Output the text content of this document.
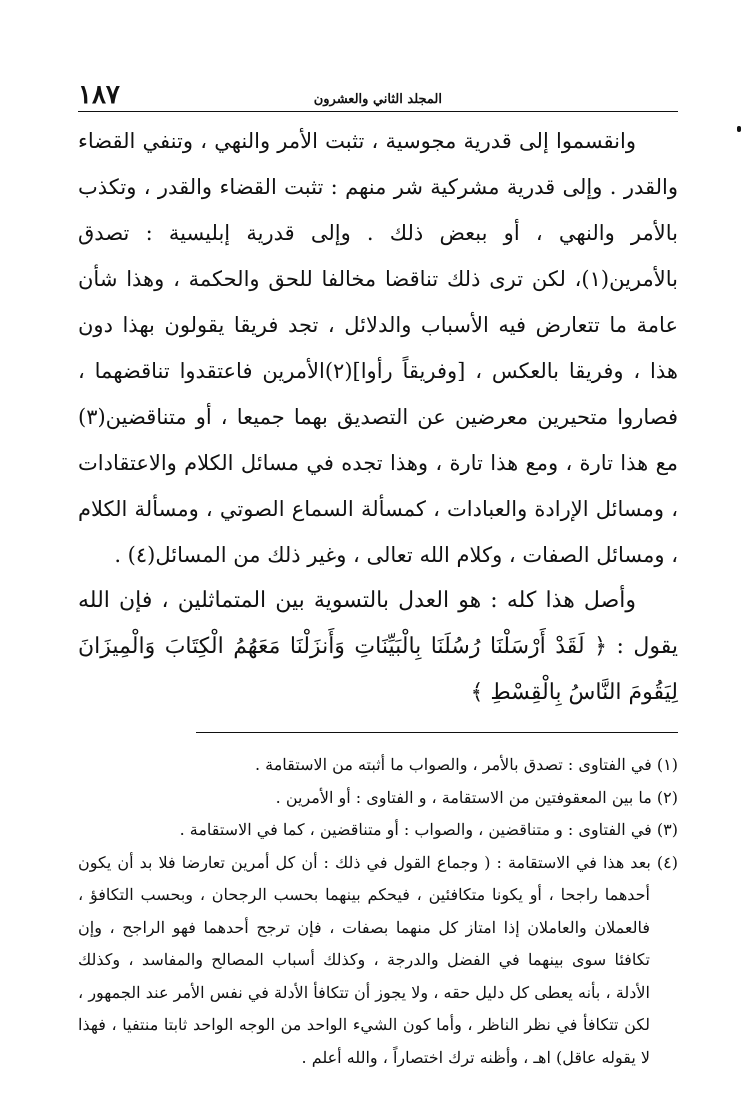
١٨٧	المجلد الثاني والعشرون

وانقسموا إلى قدرية مجوسية ، تثبت الأمر والنهي ، وتنفي القضاء والقدر . وإلى قدرية مشركية شر منهم : تثبت القضاء والقدر ، وتكذب بالأمر والنهي ، أو ببعض ذلك . وإلى قدرية إبليسية : تصدق بالأمرين(١)، لكن ترى ذلك تناقضا مخالفا للحق والحكمة ، وهذا شأن عامة ما تتعارض فيه الأسباب والدلائل ، تجد فريقا يقولون بهذا دون هذا ، وفريقا بالعكس ، [وفريقاً رأوا](٢)الأمرين فاعتقدوا تناقضهما ، فصاروا متحيرين معرضين عن التصديق بهما جميعا ، أو متناقضين(٣) مع هذا تارة ، ومع هذا تارة ، وهذا تجده في مسائل الكلام والاعتقادات ، ومسائل الإرادة والعبادات ، كمسألة السماع الصوتي ، ومسألة الكلام ، ومسائل الصفات ، وكلام الله تعالى ، وغير ذلك من المسائل(٤) .

وأصل هذا كله : هو العدل بالتسوية بين المتماثلين ، فإن الله يقول : ﴿ لَقَدْ أَرْسَلْنَا رُسُلَنَا بِالْبَيِّنَاتِ وَأَنزَلْنَا مَعَهُمُ الْكِتَابَ وَالْمِيزَانَ لِيَقُومَ النَّاسُ بِالْقِسْطِ ﴾

(١) في الفتاوى : تصدق بالأمر ، والصواب ما أثبته من الاستقامة .

(٢) ما بين المعقوفتين من الاستقامة ، و الفتاوى : أو الأمرين .

(٣) في الفتاوى : و متناقضين ، والصواب : أو متناقضين ، كما في الاستقامة .

(٤) بعد هذا في الاستقامة : ( وجماع القول في ذلك : أن كل أمرين تعارضا فلا بد أن يكون أحدهما راجحا ، أو يكونا متكافئين ، فيحكم بينهما بحسب الرجحان ، وبحسب التكافؤ ، فالعملان والعاملان إذا امتاز كل منهما بصفات ، فإن ترجح أحدهما فهو الراجح ، وإن تكافئا سوى بينهما في الفضل والدرجة ، وكذلك أسباب المصالح والمفاسد ، وكذلك الأدلة ، بأنه يعطى كل دليل حقه ، ولا يجوز أن تتكافأ الأدلة في نفس الأمر عند الجمهور ، لكن تتكافأ في نظر الناظر ، وأما كون الشيء الواحد من الوجه الواحد ثابتا منتفيا ، فهذا لا يقوله عاقل) اهـ ، وأظنه ترك اختصاراً ، والله أعلم .
